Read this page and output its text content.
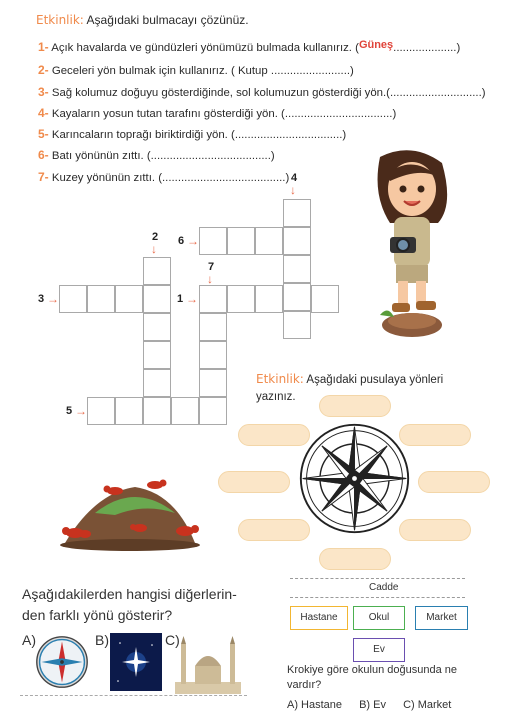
Etkinlik: Aşağıdaki bulmacayı çözünüz.
1- Açık havalarda ve gündüzleri yönümüzü bulmada kullanırız. (Güneş....................)
2- Geceleri yön bulmak için kullanırız. ( Kutup .........................)
3- Sağ kolumuz doğuyu gösterdiğinde, sol kolumuzun gösterdiği yön.(.............................)
4- Kayaların yosun tutan tarafını gösterdiği yön. (..................................)
5- Karıncaların toprağı biriktirdiği yön. (..................................)
6- Batı yönünün zıttı. (......................................)
7- Kuzey yönünün zıttı. (.......................................) 4
↓
2
↓
6 →
7
↓
3 →	1 →
5 →
Etkinlik: Aşağıdaki pusulaya yönleri yazınız.
Aşağıdakilerden hangisi diğerlerin-den farklı yönü gösterir?
A)	B)	C)
Cadde
Hastane	Okul	Market
Ev
Krokiye göre okulun doğusunda ne vardır?
A) Hastane B) Ev C) Market
